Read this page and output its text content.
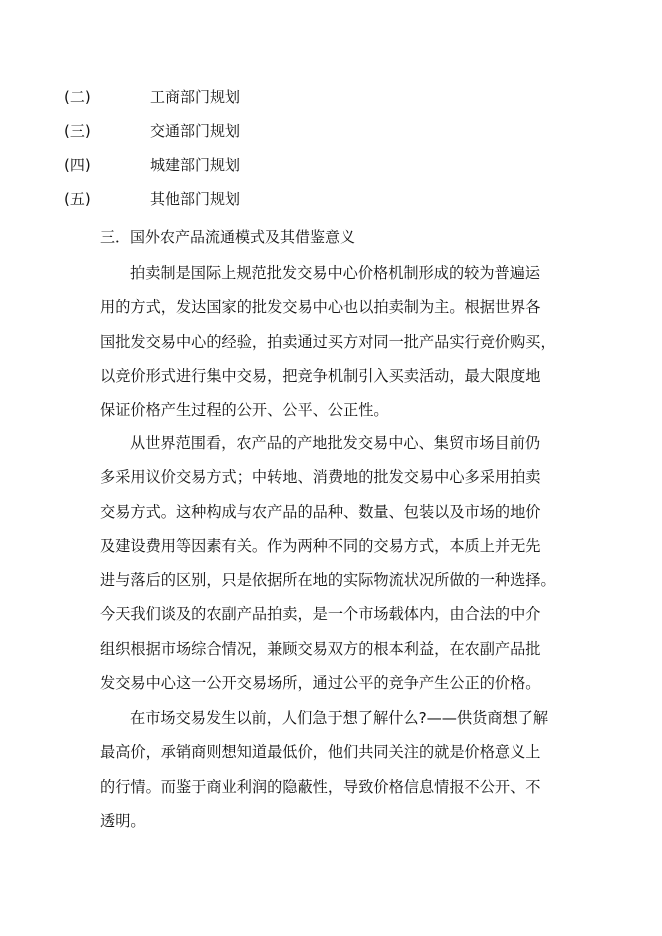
(二)	工商部门规划
(三)	交通部门规划
(四)	城建部门规划
(五)	其他部门规划
三．国外农产品流通模式及其借鉴意义
拍卖制是国际上规范批发交易中心价格机制形成的较为普遍运
用的方式，发达国家的批发交易中心也以拍卖制为主。根据世界各
国批发交易中心的经验，拍卖通过买方对同一批产品实行竞价购买，
以竞价形式进行集中交易，把竞争机制引入买卖活动，最大限度地
保证价格产生过程的公开、公平、公正性。
从世界范围看，农产品的产地批发交易中心、集贸市场目前仍
多采用议价交易方式；中转地、消费地的批发交易中心多采用拍卖
交易方式。这种构成与农产品的品种、数量、包装以及市场的地价
及建设费用等因素有关。作为两种不同的交易方式，本质上并无先
进与落后的区别，只是依据所在地的实际物流状况所做的一种选择。
今天我们谈及的农副产品拍卖，是一个市场载体内，由合法的中介
组织根据市场综合情况，兼顾交易双方的根本利益，在农副产品批
发交易中心这一公开交易场所，通过公平的竞争产生公正的价格。
在市场交易发生以前，人们急于想了解什么?——供货商想了解
最高价，承销商则想知道最低价，他们共同关注的就是价格意义上
的行情。而鉴于商业利润的隐蔽性，导致价格信息情报不公开、不
透明。
